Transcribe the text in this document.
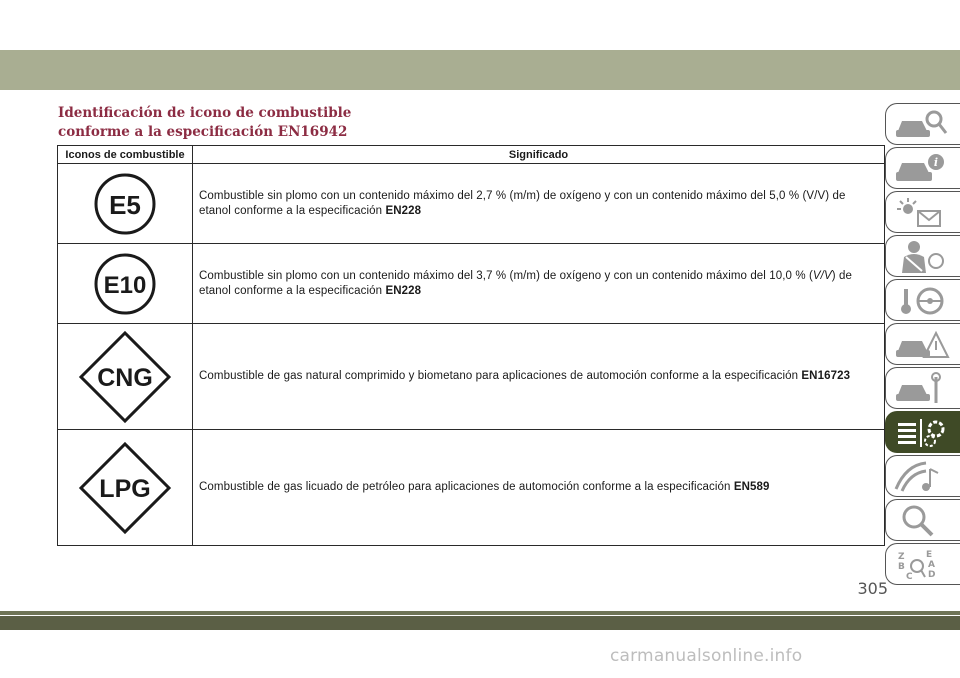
Identificación de icono de combustible
conforme a la especificación EN16942
Iconos de combustible	Significado

E5	Combustible sin plomo con un contenido máximo del 2,7 % (m/m) de oxígeno y con un contenido máximo del 5,0 % (V/V) de etanol conforme a la especificación EN228

E10	Combustible sin plomo con un contenido máximo del 3,7 % (m/m) de oxígeno y con un contenido máximo del 10,0 % (V/V) de etanol conforme a la especificación EN228

CNG	Combustible de gas natural comprimido y biometano para aplicaciones de automoción conforme a la especificación EN16723

LPG	Combustible de gas licuado de petróleo para aplicaciones de automoción conforme a la especificación EN589
i
Z E
B	A
C D
305
carmanualsonline.info
